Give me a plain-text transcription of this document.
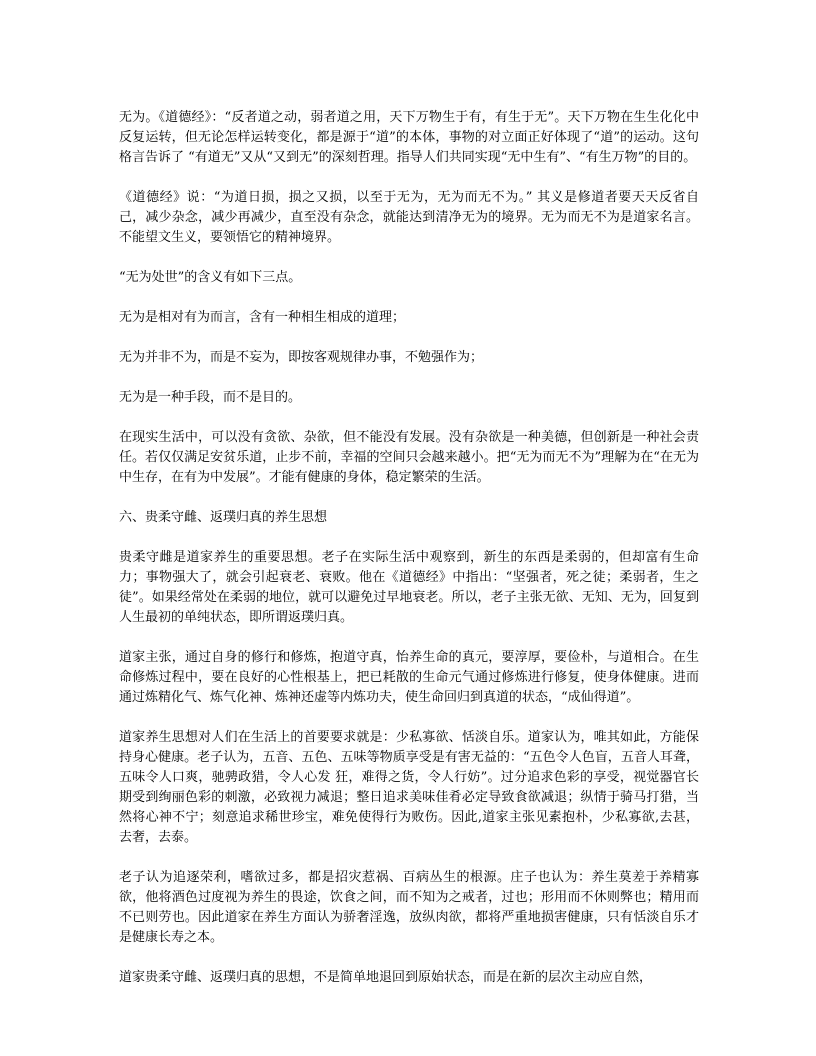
无为。《道德经》：“反者道之动，弱者道之用，天下万物生于有，有生于无”。天下万物在生生化化中反复运转，但无论怎样运转变化，都是源于“道”的本体，事物的对立面正好体现了“道”的运动。这句格言告诉了 “有道无”又从“又到无”的深刻哲理。指导人们共同实现“无中生有”、“有生万物”的目的。

《道德经》说：“为道日损，损之又损，以至于无为，无为而无不为。” 其义是修道者要天天反省自己，减少杂念，减少再减少，直至没有杂念，就能达到清净无为的境界。无为而无不为是道家名言。不能望文生义，要领悟它的精神境界。

“无为处世”的含义有如下三点。

无为是相对有为而言，含有一种相生相成的道理；

无为并非不为，而是不妄为，即按客观规律办事，不勉强作为；

无为是一种手段，而不是目的。

在现实生活中，可以没有贪欲、杂欲，但不能没有发展。没有杂欲是一种美德，但创新是一种社会责任。若仅仅满足安贫乐道，止步不前，幸福的空间只会越来越小。把“无为而无不为”理解为在“在无为中生存，在有为中发展”。才能有健康的身体，稳定繁荣的生活。

六、贵柔守雌、返璞归真的养生思想

贵柔守雌是道家养生的重要思想。老子在实际生活中观察到，新生的东西是柔弱的，但却富有生命力；事物强大了，就会引起衰老、衰败。他在《道德经》中指出：“坚强者，死之徒；柔弱者，生之徒”。如果经常处在柔弱的地位，就可以避免过早地衰老。所以，老子主张无欲、无知、无为，回复到人生最初的单纯状态，即所谓返璞归真。

道家主张，通过自身的修行和修炼，抱道守真，怡养生命的真元，要淳厚，要俭朴，与道相合。在生命修炼过程中，要在良好的心性根基上，把已耗散的生命元气通过修炼进行修复，使身体健康。进而通过炼精化气、炼气化神、炼神还虚等内炼功夫，使生命回归到真道的状态，“成仙得道”。

道家养生思想对人们在生活上的首要要求就是：少私寡欲、恬淡自乐。道家认为，唯其如此，方能保持身心健康。老子认为，五音、五色、五味等物质享受是有害无益的：“五色令人色盲，五音人耳聋，五味令人口爽，驰骋政猎，令人心发 狂，难得之货，令人行妨”。过分追求色彩的享受，视觉器官长期受到绚丽色彩的刺激，必致视力减退；整日追求美味佳肴必定导致食欲减退；纵情于骑马打猎，当然将心神不宁；刻意追求稀世珍宝，难免使得行为败伤。因此,道家主张见素抱朴，少私寡欲,去甚，去奢，去泰。

老子认为追逐荣利，嗜欲过多，都是招灾惹祸、百病丛生的根源。庄子也认为：养生莫差于养精寡欲，他将酒色过度视为养生的畏途，饮食之间，而不知为之戒者，过也；形用而不休则弊也；精用而不已则劳也。因此道家在养生方面认为骄奢淫逸，放纵肉欲，都将严重地损害健康，只有恬淡自乐才是健康长寿之本。

道家贵柔守雌、返璞归真的思想，不是简单地退回到原始状态，而是在新的层次主动应自然，
